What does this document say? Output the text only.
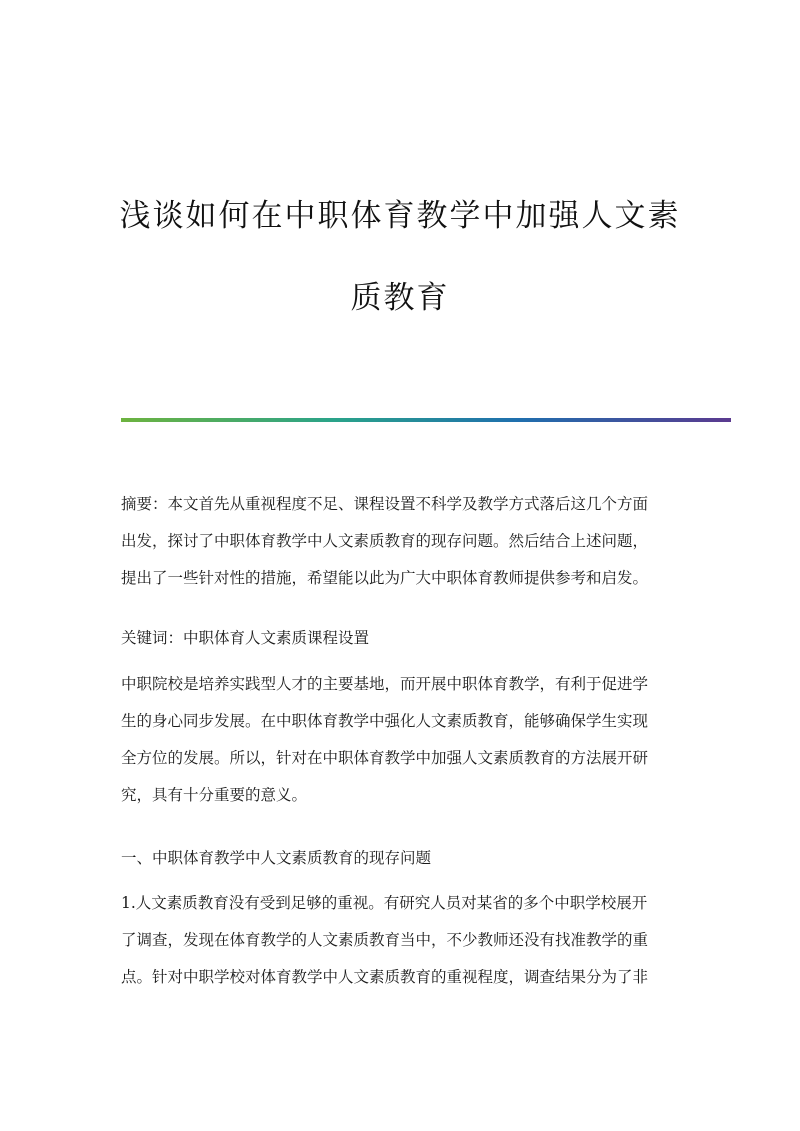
浅谈如何在中职体育教学中加强人文素
质教育
摘要：本文首先从重视程度不足、课程设置不科学及教学方式落后这几个方面
出发，探讨了中职体育教学中人文素质教育的现存问题。然后结合上述问题，
提出了一些针对性的措施，希望能以此为广大中职体育教师提供参考和启发。
关键词：中职体育人文素质课程设置
中职院校是培养实践型人才的主要基地，而开展中职体育教学，有利于促进学
生的身心同步发展。在中职体育教学中强化人文素质教育，能够确保学生实现
全方位的发展。所以，针对在中职体育教学中加强人文素质教育的方法展开研
究，具有十分重要的意义。
一、中职体育教学中人文素质教育的现存问题
1.人文素质教育没有受到足够的重视。有研究人员对某省的多个中职学校展开
了调查，发现在体育教学的人文素质教育当中，不少教师还没有找准教学的重
点。针对中职学校对体育教学中人文素质教育的重视程度，调查结果分为了非
